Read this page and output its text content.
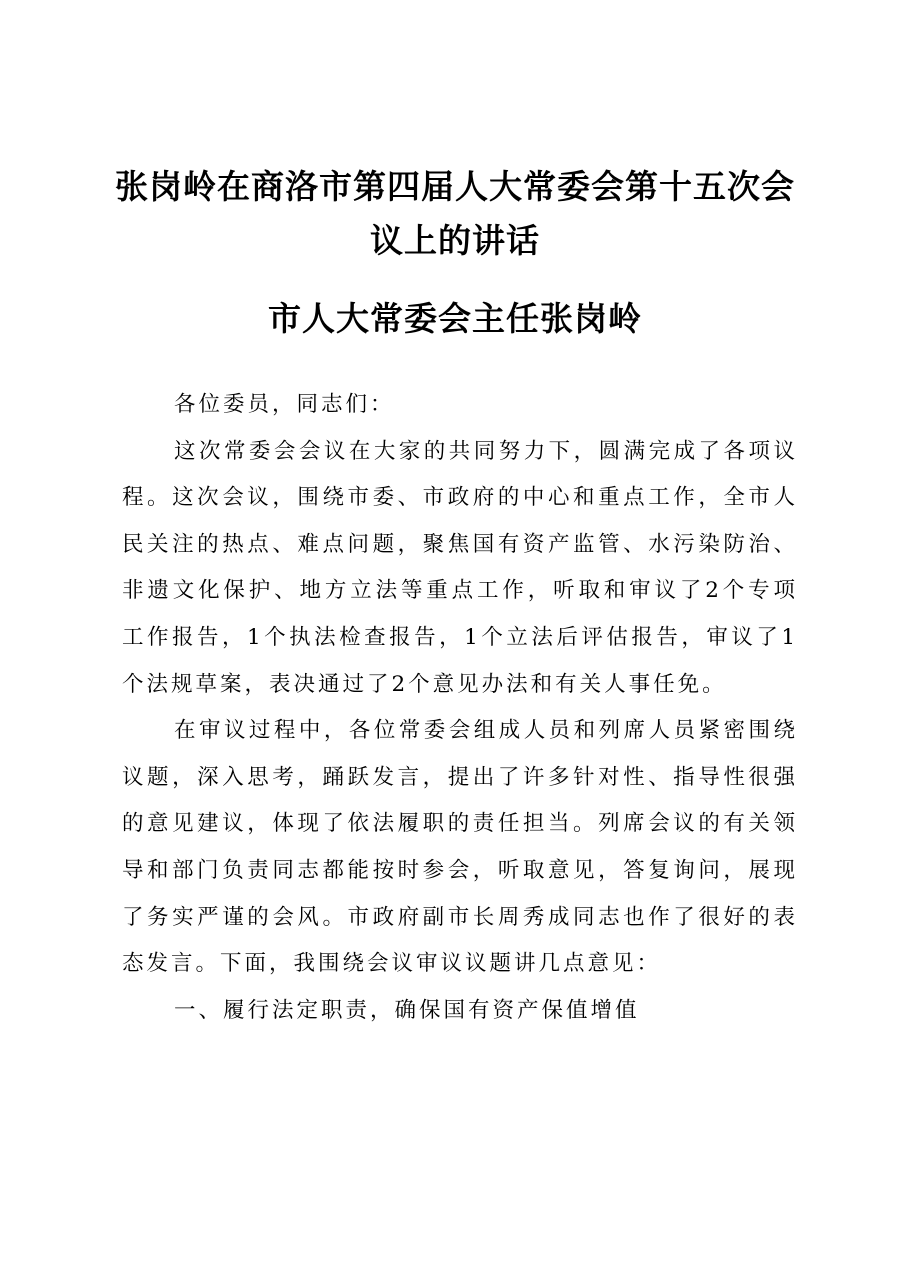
张岗岭在商洛市第四届人大常委会第十五次会议上的讲话
市人大常委会主任张岗岭

各位委员，同志们：

这次常委会会议在大家的共同努力下，圆满完成了各项议程。这次会议，围绕市委、市政府的中心和重点工作，全市人民关注的热点、难点问题，聚焦国有资产监管、水污染防治、非遗文化保护、地方立法等重点工作，听取和审议了2个专项工作报告，1个执法检查报告，1个立法后评估报告，审议了1个法规草案，表决通过了2个意见办法和有关人事任免。

在审议过程中，各位常委会组成人员和列席人员紧密围绕议题，深入思考，踊跃发言，提出了许多针对性、指导性很强的意见建议，体现了依法履职的责任担当。列席会议的有关领导和部门负责同志都能按时参会，听取意见，答复询问，展现了务实严谨的会风。市政府副市长周秀成同志也作了很好的表态发言。下面，我围绕会议审议议题讲几点意见：

一、履行法定职责，确保国有资产保值增值
